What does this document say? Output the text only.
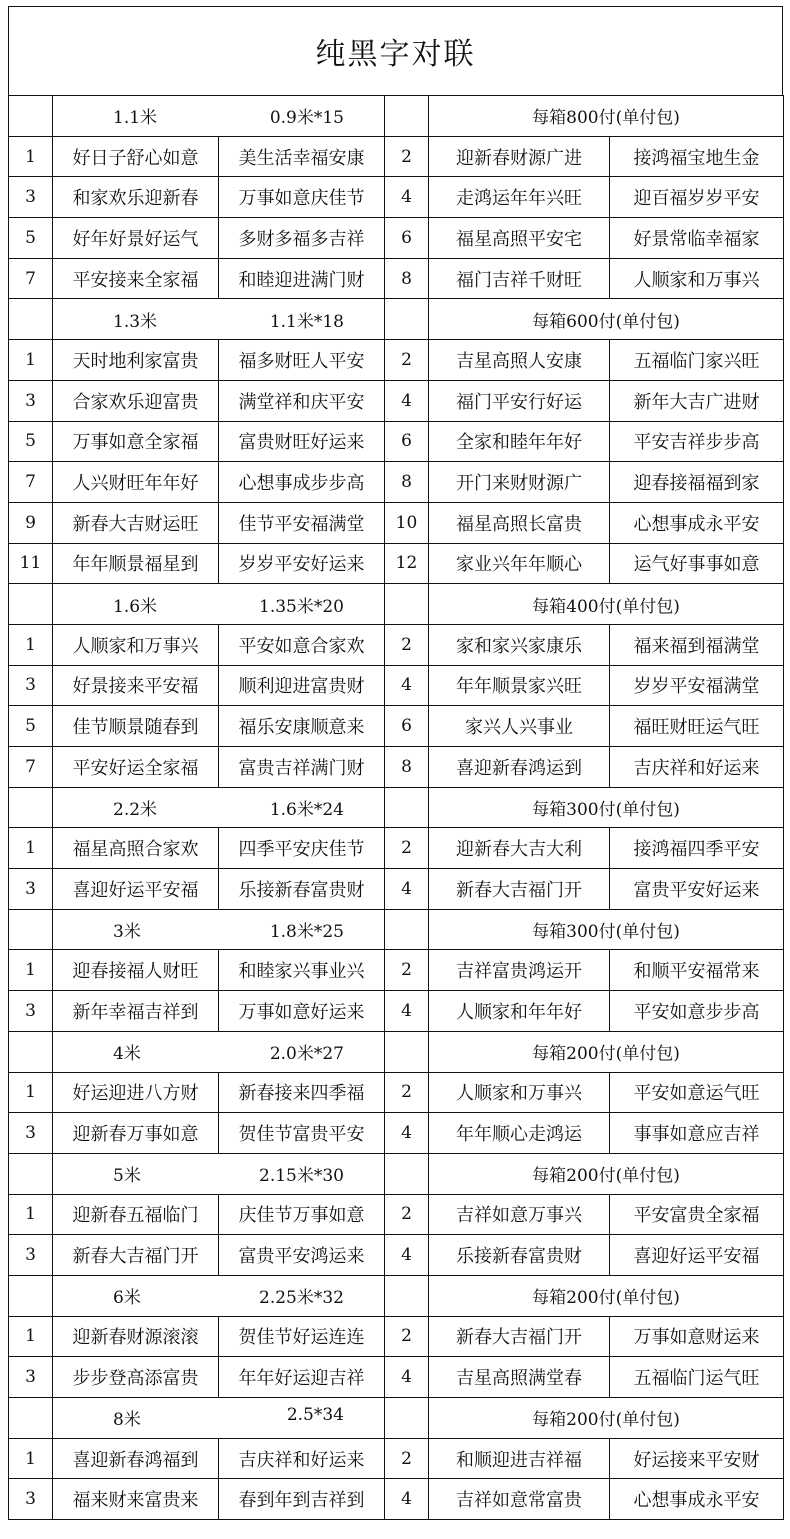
纯黑字对联

	1.1米 0.9米*15			每箱800付(单付包)	
1	好日子舒心如意	美生活幸福安康	2	迎新春财源广进	接鸿福宝地生金
3	和家欢乐迎新春	万事如意庆佳节	4	走鸿运年年兴旺	迎百福岁岁平安
5	好年好景好运气	多财多福多吉祥	6	福星高照平安宅	好景常临幸福家
7	平安接来全家福	和睦迎进满门财	8	福门吉祥千财旺	人顺家和万事兴

	1.3米 1.1米*18			每箱600付(单付包)	
1	天时地利家富贵	福多财旺人平安	2	吉星高照人安康	五福临门家兴旺
3	合家欢乐迎富贵	满堂祥和庆平安	4	福门平安行好运	新年大吉广进财
5	万事如意全家福	富贵财旺好运来	6	全家和睦年年好	平安吉祥步步高
7	人兴财旺年年好	心想事成步步高	8	开门来财财源广	迎春接福福到家
9	新春大吉财运旺	佳节平安福满堂	10	福星高照长富贵	心想事成永平安
11	年年顺景福星到	岁岁平安好运来	12	家业兴年年顺心	运气好事事如意

	1.6米 1.35米*20			每箱400付(单付包)	
1	人顺家和万事兴	平安如意合家欢	2	家和家兴家康乐	福来福到福满堂
3	好景接来平安福	顺利迎进富贵财	4	年年顺景家兴旺	岁岁平安福满堂
5	佳节顺景随春到	福乐安康顺意来	6	家兴人兴事业	福旺财旺运气旺
7	平安好运全家福	富贵吉祥满门财	8	喜迎新春鸿运到	吉庆祥和好运来

	2.2米 1.6米*24			每箱300付(单付包)	
1	福星高照合家欢	四季平安庆佳节	2	迎新春大吉大利	接鸿福四季平安
3	喜迎好运平安福	乐接新春富贵财	4	新春大吉福门开	富贵平安好运来

	3米 1.8米*25			每箱300付(单付包)	
1	迎春接福人财旺	和睦家兴事业兴	2	吉祥富贵鸿运开	和顺平安福常来
3	新年幸福吉祥到	万事如意好运来	4	人顺家和年年好	平安如意步步高

	4米 2.0米*27			每箱200付(单付包)	
1	好运迎进八方财	新春接来四季福	2	人顺家和万事兴	平安如意运气旺
3	迎新春万事如意	贺佳节富贵平安	4	年年顺心走鸿运	事事如意应吉祥

	5米 2.15米*30			每箱200付(单付包)	
1	迎新春五福临门	庆佳节万事如意	2	吉祥如意万事兴	平安富贵全家福
3	新春大吉福门开	富贵平安鸿运来	4	乐接新春富贵财	喜迎好运平安福

	6米 2.25米*32			每箱200付(单付包)	
1	迎新春财源滚滚	贺佳节好运连连	2	新春大吉福门开	万事如意财运来
3	步步登高添富贵	年年好运迎吉祥	4	吉星高照满堂春	五福临门运气旺

	8米 2.5*34			每箱200付(单付包)	
1	喜迎新春鸿福到	吉庆祥和好运来	2	和顺迎进吉祥福	好运接来平安财
3	福来财来富贵来	春到年到吉祥到	4	吉祥如意常富贵	心想事成永平安
